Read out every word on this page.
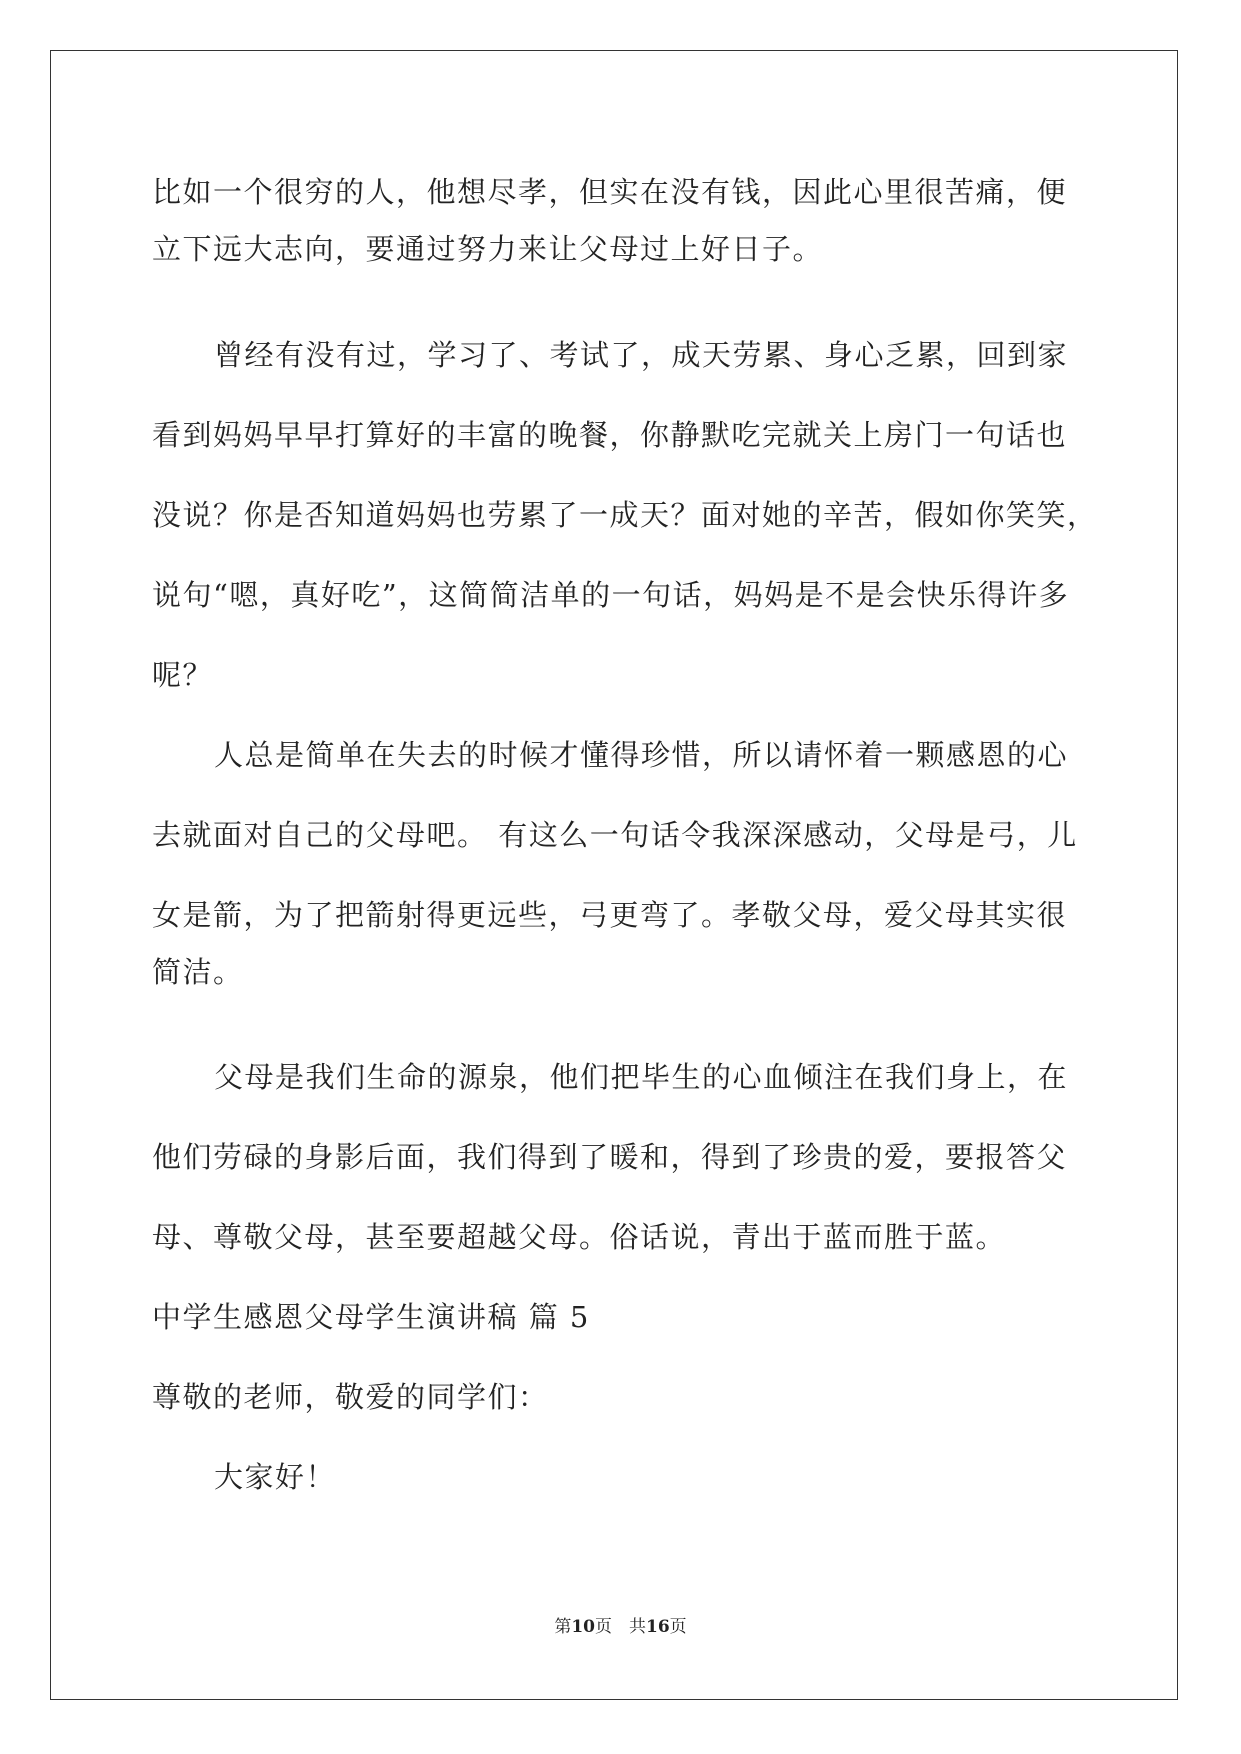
比如一个很穷的人，他想尽孝，但实在没有钱，因此心里很苦痛，便
立下远大志向，要通过努力来让父母过上好日子。
曾经有没有过，学习了、考试了，成天劳累、身心乏累，回到家
看到妈妈早早打算好的丰富的晚餐，你静默吃完就关上房门一句话也
没说？你是否知道妈妈也劳累了一成天？面对她的辛苦，假如你笑笑，
说句“嗯，真好吃”，这简简洁单的一句话，妈妈是不是会快乐得许多
呢？
人总是简单在失去的时候才懂得珍惜，所以请怀着一颗感恩的心
去就面对自己的父母吧。 有这么一句话令我深深感动，父母是弓，儿
女是箭，为了把箭射得更远些，弓更弯了。孝敬父母，爱父母其实很
简洁。
父母是我们生命的源泉，他们把毕生的心血倾注在我们身上，在
他们劳碌的身影后面，我们得到了暖和，得到了珍贵的爱，要报答父
母、尊敬父母，甚至要超越父母。俗话说，青出于蓝而胜于蓝。
中学生感恩父母学生演讲稿 篇 5
尊敬的老师，敬爱的同学们：
大家好！
第10页　共16页
